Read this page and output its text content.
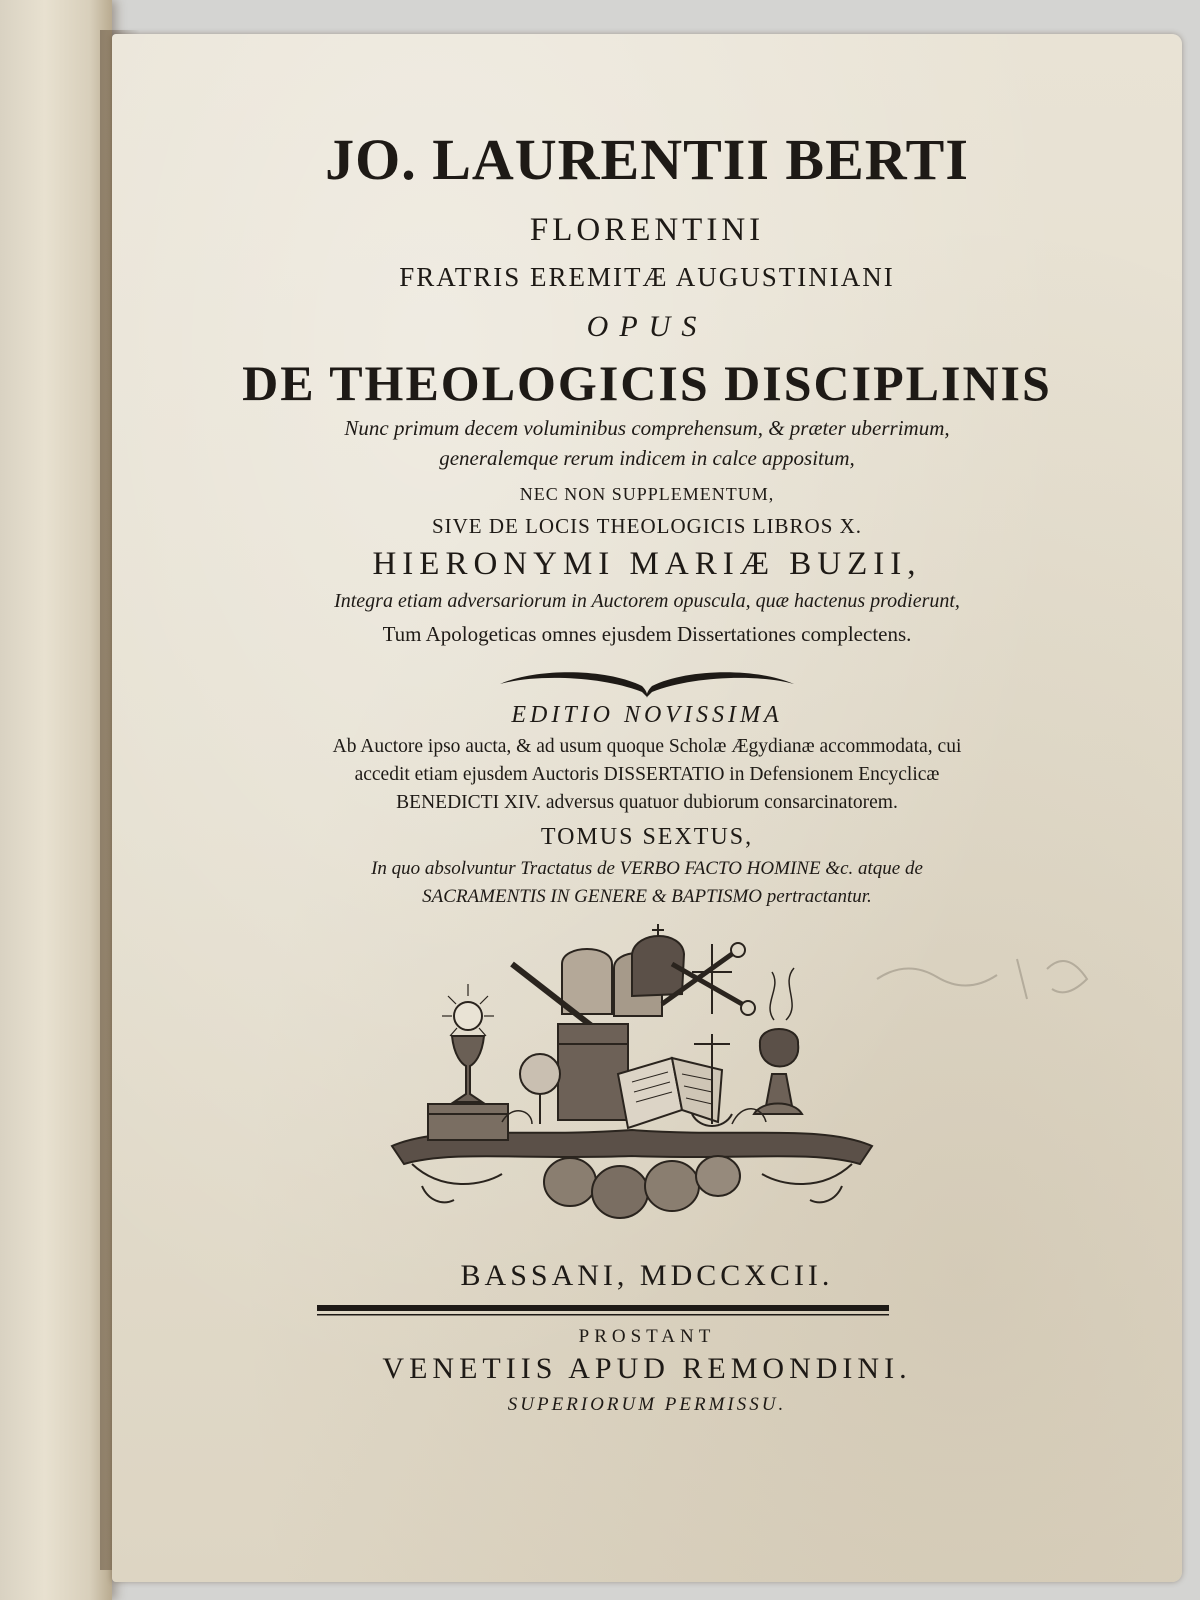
JO. LAURENTII BERTI
FLORENTINI
FRATRIS EREMITÆ AUGUSTINIANI
OPUS
DE THEOLOGICIS DISCIPLINIS
Nunc primum decem voluminibus comprehensum, & præter uberrimum,
generalemque rerum indicem in calce appositum,
NEC NON SUPPLEMENTUM,
SIVE DE LOCIS THEOLOGICIS LIBROS X.
HIERONYMI MARIÆ BUZII,
Integra etiam adversariorum in Auctorem opuscula, quæ hactenus prodierunt,
Tum Apologeticas omnes ejusdem Dissertationes complectens.
EDITIO NOVISSIMA
Ab Auctore ipso aucta, & ad usum quoque Scholæ Ægydianæ accommodata, cui
accedit etiam ejusdem Auctoris DISSERTATIO in Defensionem Encyclicæ
BENEDICTI XIV. adversus quatuor dubiorum consarcinatorem.
TOMUS SEXTUS,
In quo absolvuntur Tractatus de VERBO FACTO HOMINE &c. atque de
SACRAMENTIS IN GENERE & BAPTISMO pertractantur.
BASSANI, MDCCXCII.
PROSTANT
VENETIIS APUD REMONDINI.
SUPERIORUM PERMISSU.
